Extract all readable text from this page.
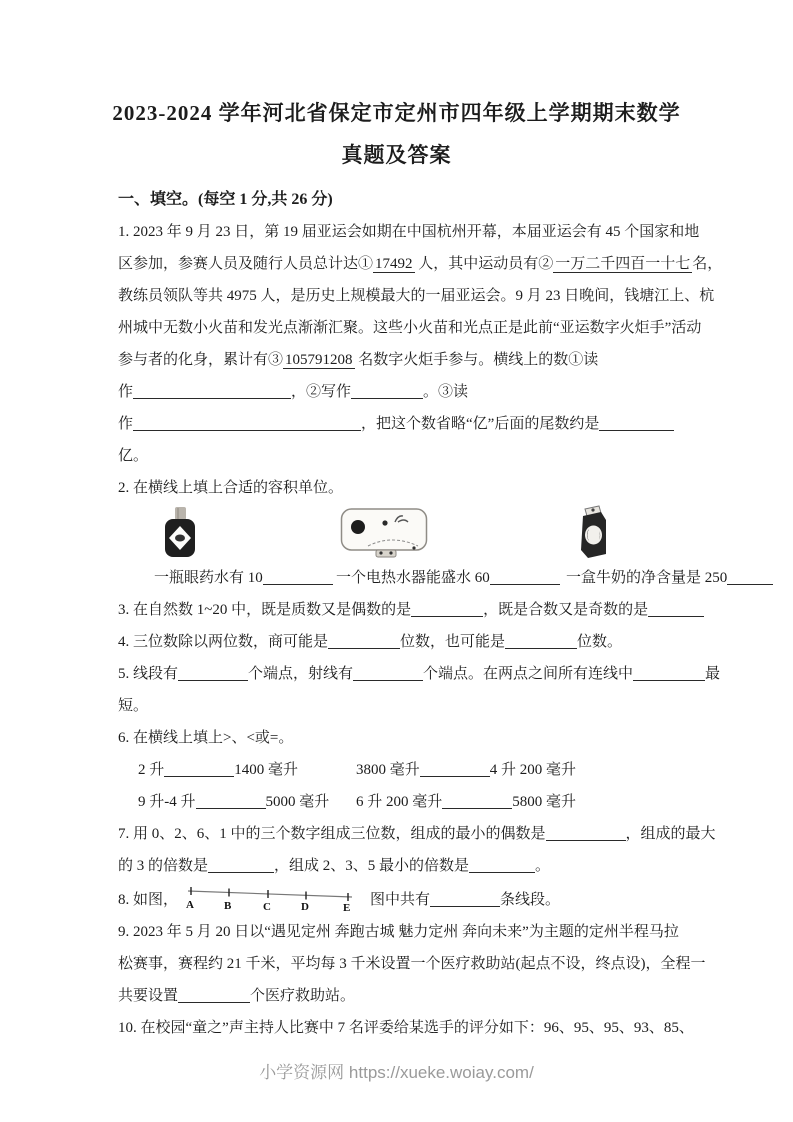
2023-2024 学年河北省保定市定州市四年级上学期期末数学
真题及答案
一、填空。(每空 1 分,共 26 分)
1. 2023 年 9 月 23 日，第 19 届亚运会如期在中国杭州开幕，本届亚运会有 45 个国家和地
区参加，参赛人员及随行人员总计达① 17492 人，其中运动员有② 一万二千四百一十七 名，
教练员领队等共 4975 人，是历史上规模最大的一届亚运会。9 月 23 日晚间，钱塘江上、杭
州城中无数小火苗和发光点渐渐汇聚。这些小火苗和光点正是此前“亚运数字火炬手”活动
参与者的化身，累计有③ 105791208 名数字火炬手参与。横线上的数①读
作	，②写作	。③读
作	，把这个数省略“亿”后面的尾数约是
亿。
2. 在横线上填上合适的容积单位。
一瓶眼药水有 10	一个电热水器能盛水 60	一盒牛奶的净含量是 250
3. 在自然数 1~20 中，既是质数又是偶数的是	，既是合数又是奇数的是
4. 三位数除以两位数，商可能是	位数，也可能是	位数。
5. 线段有	个端点，射线有	个端点。在两点之间所有连线中	最
短。
6. 在横线上填上>、<或=。
2 升	1400 毫升	3800 毫升	4 升 200 毫升
9 升-4 升	5000 毫升 6 升 200 毫升	5800 毫升
7. 用 0、2、6、1 中的三个数字组成三位数，组成的最小的偶数是	，组成的最大
的 3 的倍数是	，组成 2、3、5 最小的倍数是	。
8. 如图， A	B	C	D	E 图中共有	条线段。
9. 2023 年 5 月 20 日以“遇见定州 奔跑古城 魅力定州 奔向未来”为主题的定州半程马拉
松赛事，赛程约 21 千米，平均每 3 千米设置一个医疗救助站(起点不设，终点设)，全程一
共要设置	个医疗救助站。
10. 在校园“童之”声主持人比赛中 7 名评委给某选手的评分如下：96、95、95、93、85、
小学资源网 https://xueke.woiay.com/
